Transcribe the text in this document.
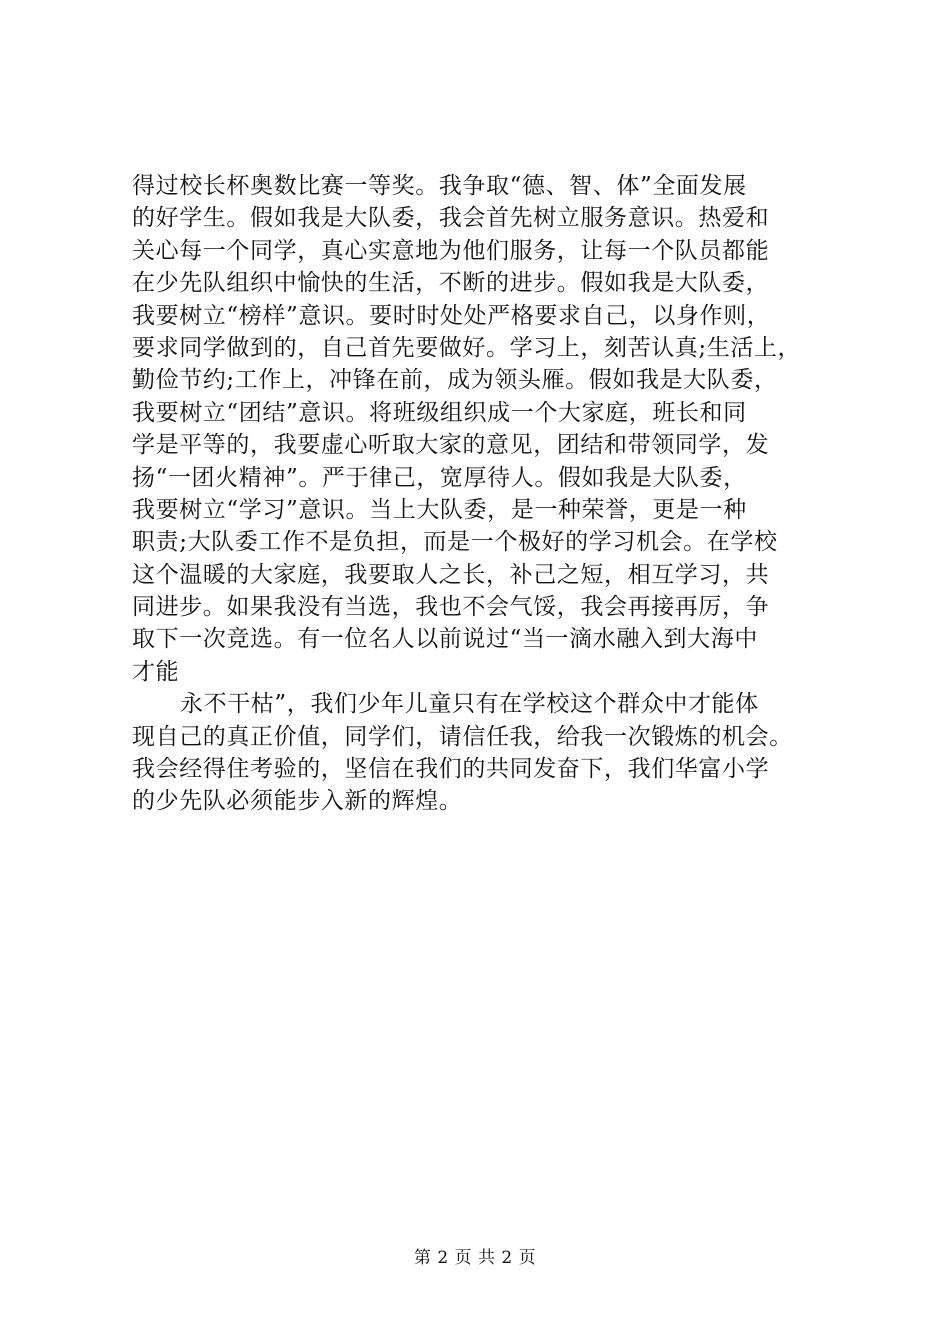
得过校长杯奥数比赛一等奖。我争取“德、智、体”全面发展
的好学生。假如我是大队委，我会首先树立服务意识。热爱和
关心每一个同学，真心实意地为他们服务，让每一个队员都能
在少先队组织中愉快的生活，不断的进步。假如我是大队委，
我要树立“榜样”意识。要时时处处严格要求自己，以身作则，
要求同学做到的，自己首先要做好。学习上，刻苦认真;生活上，
勤俭节约;工作上，冲锋在前，成为领头雁。假如我是大队委，
我要树立“团结”意识。将班级组织成一个大家庭，班长和同
学是平等的，我要虚心听取大家的意见，团结和带领同学，发
扬“一团火精神”。严于律己，宽厚待人。假如我是大队委，
我要树立“学习”意识。当上大队委，是一种荣誉，更是一种
职责;大队委工作不是负担，而是一个极好的学习机会。在学校
这个温暖的大家庭，我要取人之长，补己之短，相互学习，共
同进步。如果我没有当选，我也不会气馁，我会再接再厉，争
取下一次竞选。有一位名人以前说过“当一滴水融入到大海中
才能
永不干枯”，我们少年儿童只有在学校这个群众中才能体
现自己的真正价值，同学们，请信任我，给我一次锻炼的机会。
我会经得住考验的，坚信在我们的共同发奋下，我们华富小学
的少先队必须能步入新的辉煌。
第 2 页 共 2 页
